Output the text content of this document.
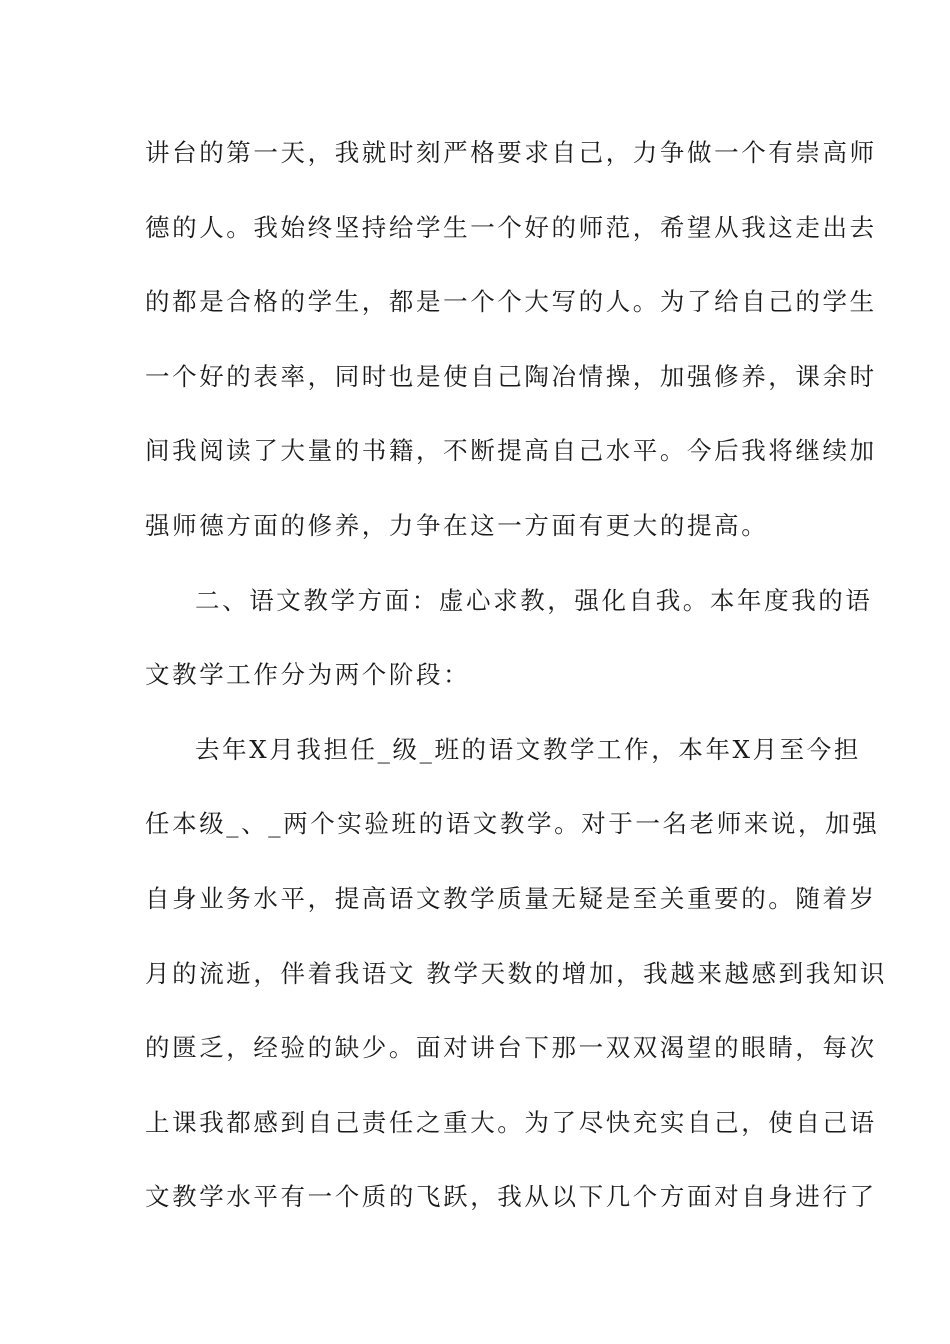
讲台的第一天，我就时刻严格要求自己，力争做一个有崇高师
德的人。我始终坚持给学生一个好的师范，希望从我这走出去
的都是合格的学生，都是一个个大写的人。为了给自己的学生
一个好的表率，同时也是使自己陶冶情操，加强修养，课余时
间我阅读了大量的书籍，不断提高自己水平。今后我将继续加
强师德方面的修养，力争在这一方面有更大的提高。
二、语文教学方面：虚心求教，强化自我。本年度我的语
文教学工作分为两个阶段：
去年X月我担任_级_班的语文教学工作，本年X月至今担
任本级_、_两个实验班的语文教学。对于一名老师来说，加强
自身业务水平，提高语文教学质量无疑是至关重要的。随着岁
月的流逝，伴着我语文 教学天数的增加，我越来越感到我知识
的匮乏，经验的缺少。面对讲台下那一双双渴望的眼睛，每次
上课我都感到自己责任之重大。为了尽快充实自己，使自己语
文教学水平有一个质的飞跃，我从以下几个方面对自身进行了
